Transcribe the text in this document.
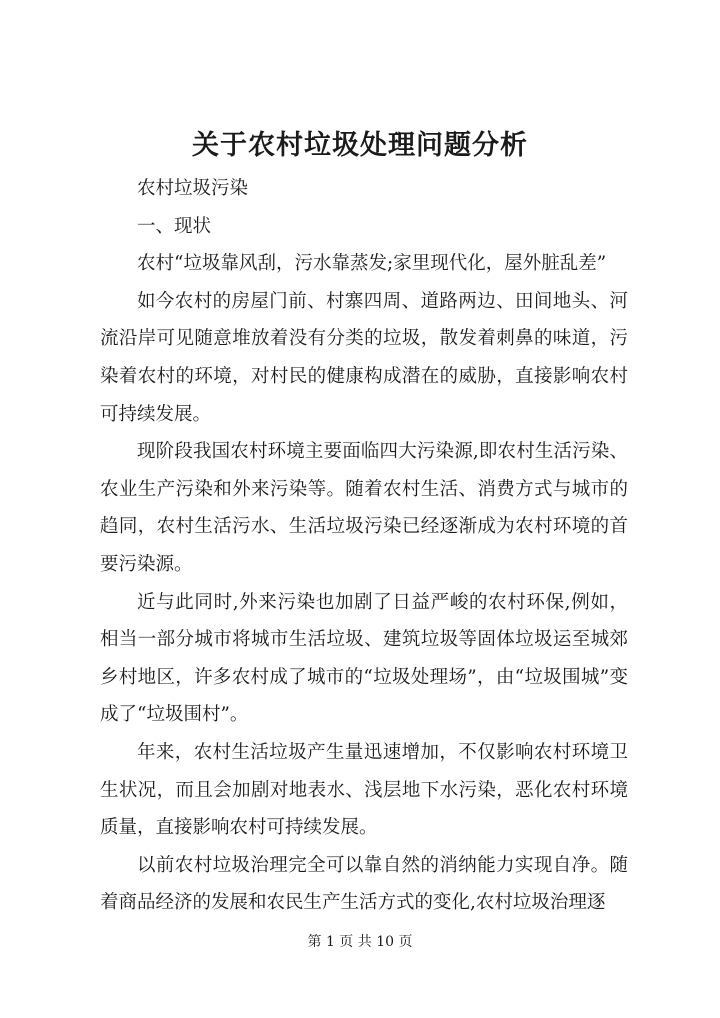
关于农村垃圾处理问题分析

农村垃圾污染

一、现状

农村“垃圾靠风刮，污水靠蒸发;家里现代化，屋外脏乱差”

如今农村的房屋门前、村寨四周、道路两边、田间地头、河流沿岸可见随意堆放着没有分类的垃圾，散发着刺鼻的味道，污染着农村的环境，对村民的健康构成潜在的威胁，直接影响农村可持续发展。

现阶段我国农村环境主要面临四大污染源,即农村生活污染、农业生产污染和外来污染等。随着农村生活、消费方式与城市的趋同，农村生活污水、生活垃圾污染已经逐渐成为农村环境的首要污染源。

近与此同时,外来污染也加剧了日益严峻的农村环保,例如，相当一部分城市将城市生活垃圾、建筑垃圾等固体垃圾运至城郊乡村地区，许多农村成了城市的“垃圾处理场”，由“垃圾围城”变成了“垃圾围村”。

年来，农村生活垃圾产生量迅速增加，不仅影响农村环境卫生状况，而且会加剧对地表水、浅层地下水污染，恶化农村环境质量，直接影响农村可持续发展。

以前农村垃圾治理完全可以靠自然的消纳能力实现自净。随着商品经济的发展和农民生产生活方式的变化,农村垃圾治理逐

第 1 页 共 10 页
